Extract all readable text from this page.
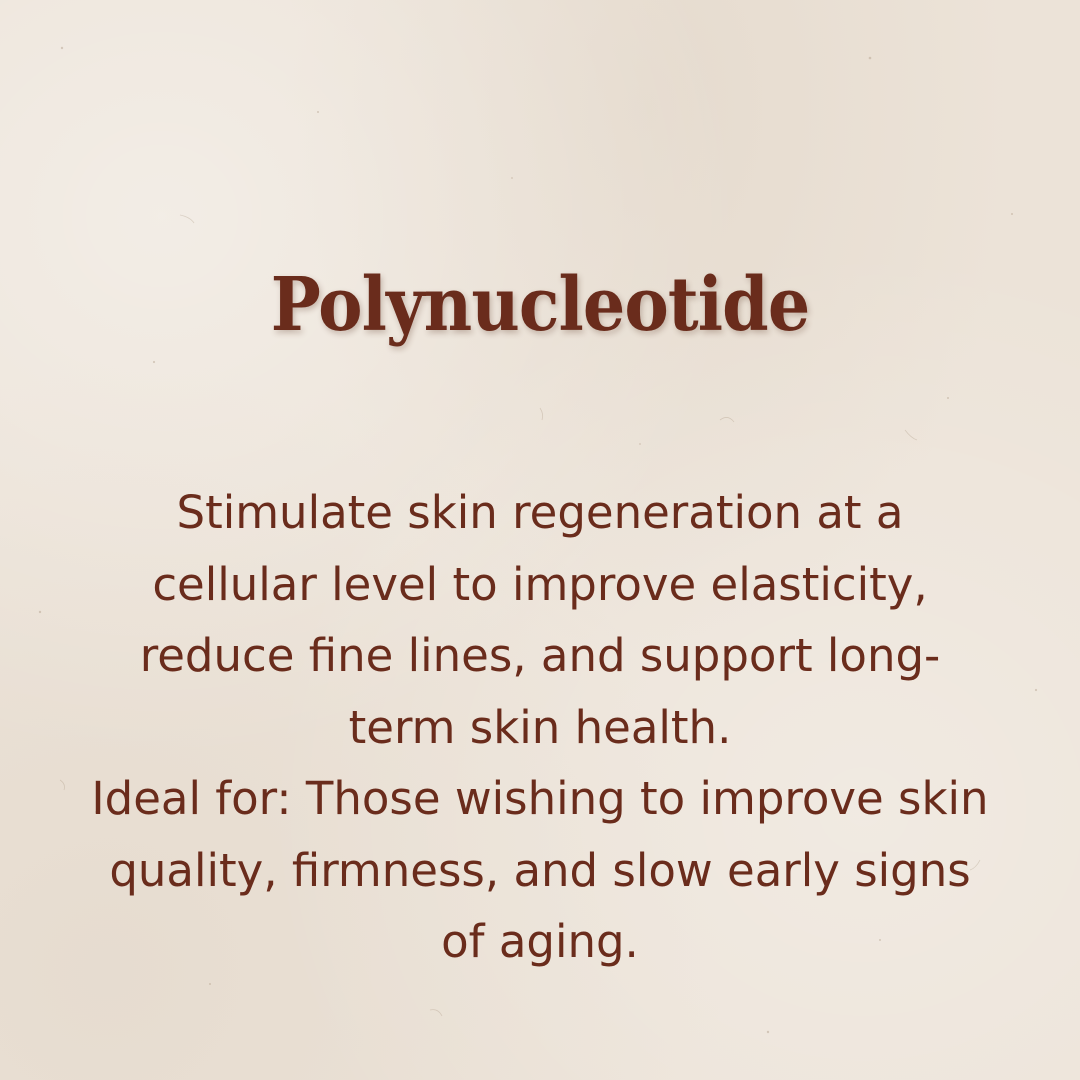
Polynucleotide

Stimulate skin regeneration at a cellular level to improve elasticity, reduce fine lines, and support long-term skin health.

Ideal for: Those wishing to improve skin quality, firmness, and slow early signs of aging.
